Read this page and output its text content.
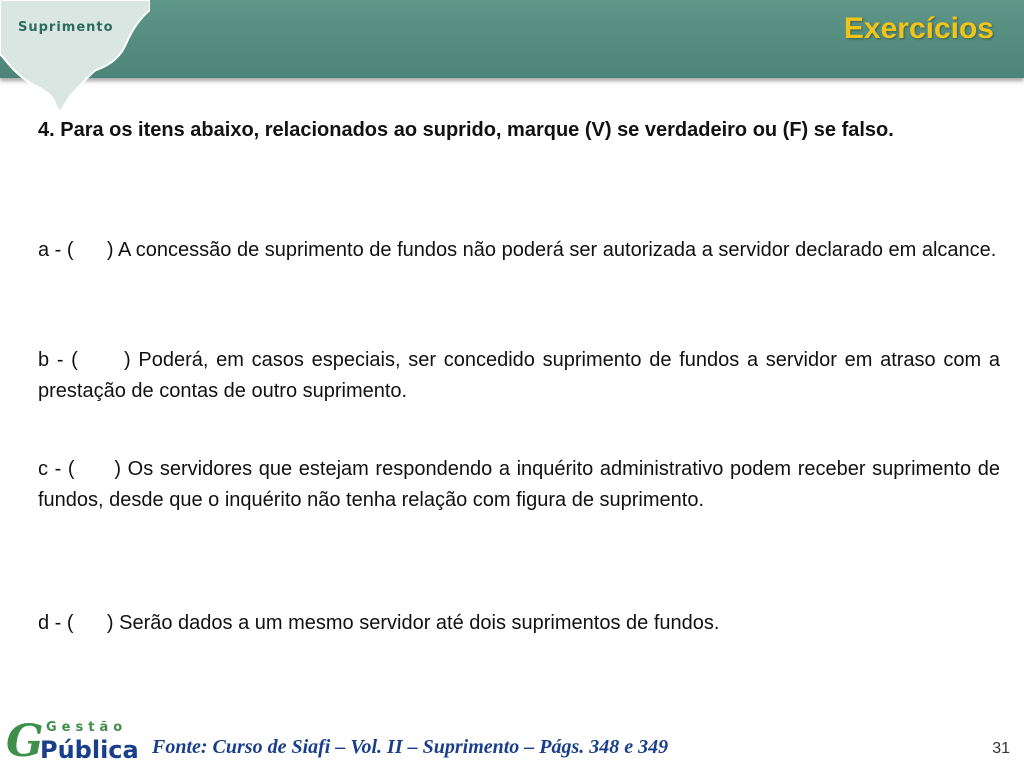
Suprimento	Exercícios

4. Para os itens abaixo, relacionados ao suprido, marque (V) se verdadeiro ou (F) se falso.

a - (      ) A concessão de suprimento de fundos não poderá ser autorizada a servidor declarado em alcance.

b - (      ) Poderá, em casos especiais, ser concedido suprimento de fundos a servidor em atraso com a prestação de contas de outro suprimento.

c - (      ) Os servidores que estejam respondendo a inquérito administrativo podem receber suprimento de fundos, desde que o inquérito não tenha relação com figura de suprimento.

d - (      ) Serão dados a um mesmo servidor até dois suprimentos de fundos.

G Gestão
Pública Fonte: Curso de Siafi – Vol. II – Suprimento – Págs. 348 e 349	31
